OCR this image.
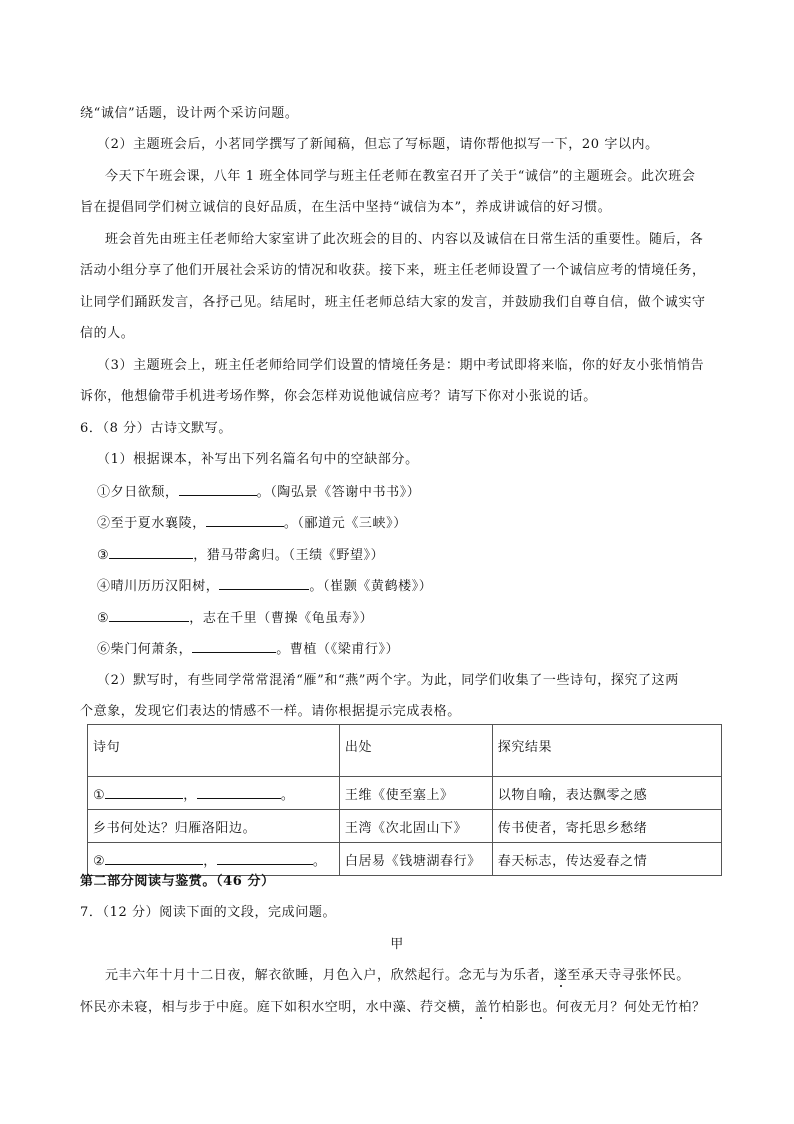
绕“诚信”话题，设计两个采访问题。
（2）主题班会后，小茗同学撰写了新闻稿，但忘了写标题，请你帮他拟写一下，20 字以内。
今天下午班会课，八年 1 班全体同学与班主任老师在教室召开了关于“诚信”的主题班会。此次班会
旨在提倡同学们树立诚信的良好品质，在生活中坚持“诚信为本”，养成讲诚信的好习惯。
班会首先由班主任老师给大家室讲了此次班会的目的、内容以及诚信在日常生活的重要性。随后，各
活动小组分享了他们开展社会采访的情况和收获。接下来，班主任老师设置了一个诚信应考的情境任务，
让同学们踊跃发言，各抒己见。结尾时，班主任老师总结大家的发言，并鼓励我们自尊自信，做个诚实守
信的人。
（3）主题班会上，班主任老师给同学们设置的情境任务是：期中考试即将来临，你的好友小张悄悄告
诉你，他想偷带手机进考场作弊，你会怎样劝说他诚信应考？请写下你对小张说的话。
6．（8 分）古诗文默写。
（1）根据课本，补写出下列名篇名句中的空缺部分。
①夕日欲颓，	。（陶弘景《答谢中书书》）
②至于夏水襄陵，	。（郦道元《三峡》）
③	，猎马带禽归。（王绩《野望》）
④晴川历历汉阳树，	。（崔颢《黄鹤楼》）
⑤	，志在千里（曹操《龟虽寿》）
⑥柴门何萧条，	。曹植（《梁甫行》）
（2）默写时，有些同学常常混淆“雁”和“燕”两个字。为此，同学们收集了一些诗句，探究了这两
个意象，发现它们表达的情感不一样。请你根据提示完成表格。
诗句	出处	探究结果
① ， 。	王维《使至塞上》	以物自喻，表达飘零之感
乡书何处达？归雁洛阳边。	王湾《次北固山下》	传书使者，寄托思乡愁绪
② ， 。	白居易《钱塘湖春行》	春天标志，传达爱春之情
第二部分阅读与鉴赏。（46 分）
7．（12 分）阅读下面的文段，完成问题。
甲
元丰六年十月十二日夜，解衣欲睡，月色入户，欣然起行。念无与为乐者，遂至承天寺寻张怀民。
怀民亦未寝，相与步于中庭。庭下如积水空明，水中藻、荇交横，盖竹柏影也。何夜无月？何处无竹柏？
